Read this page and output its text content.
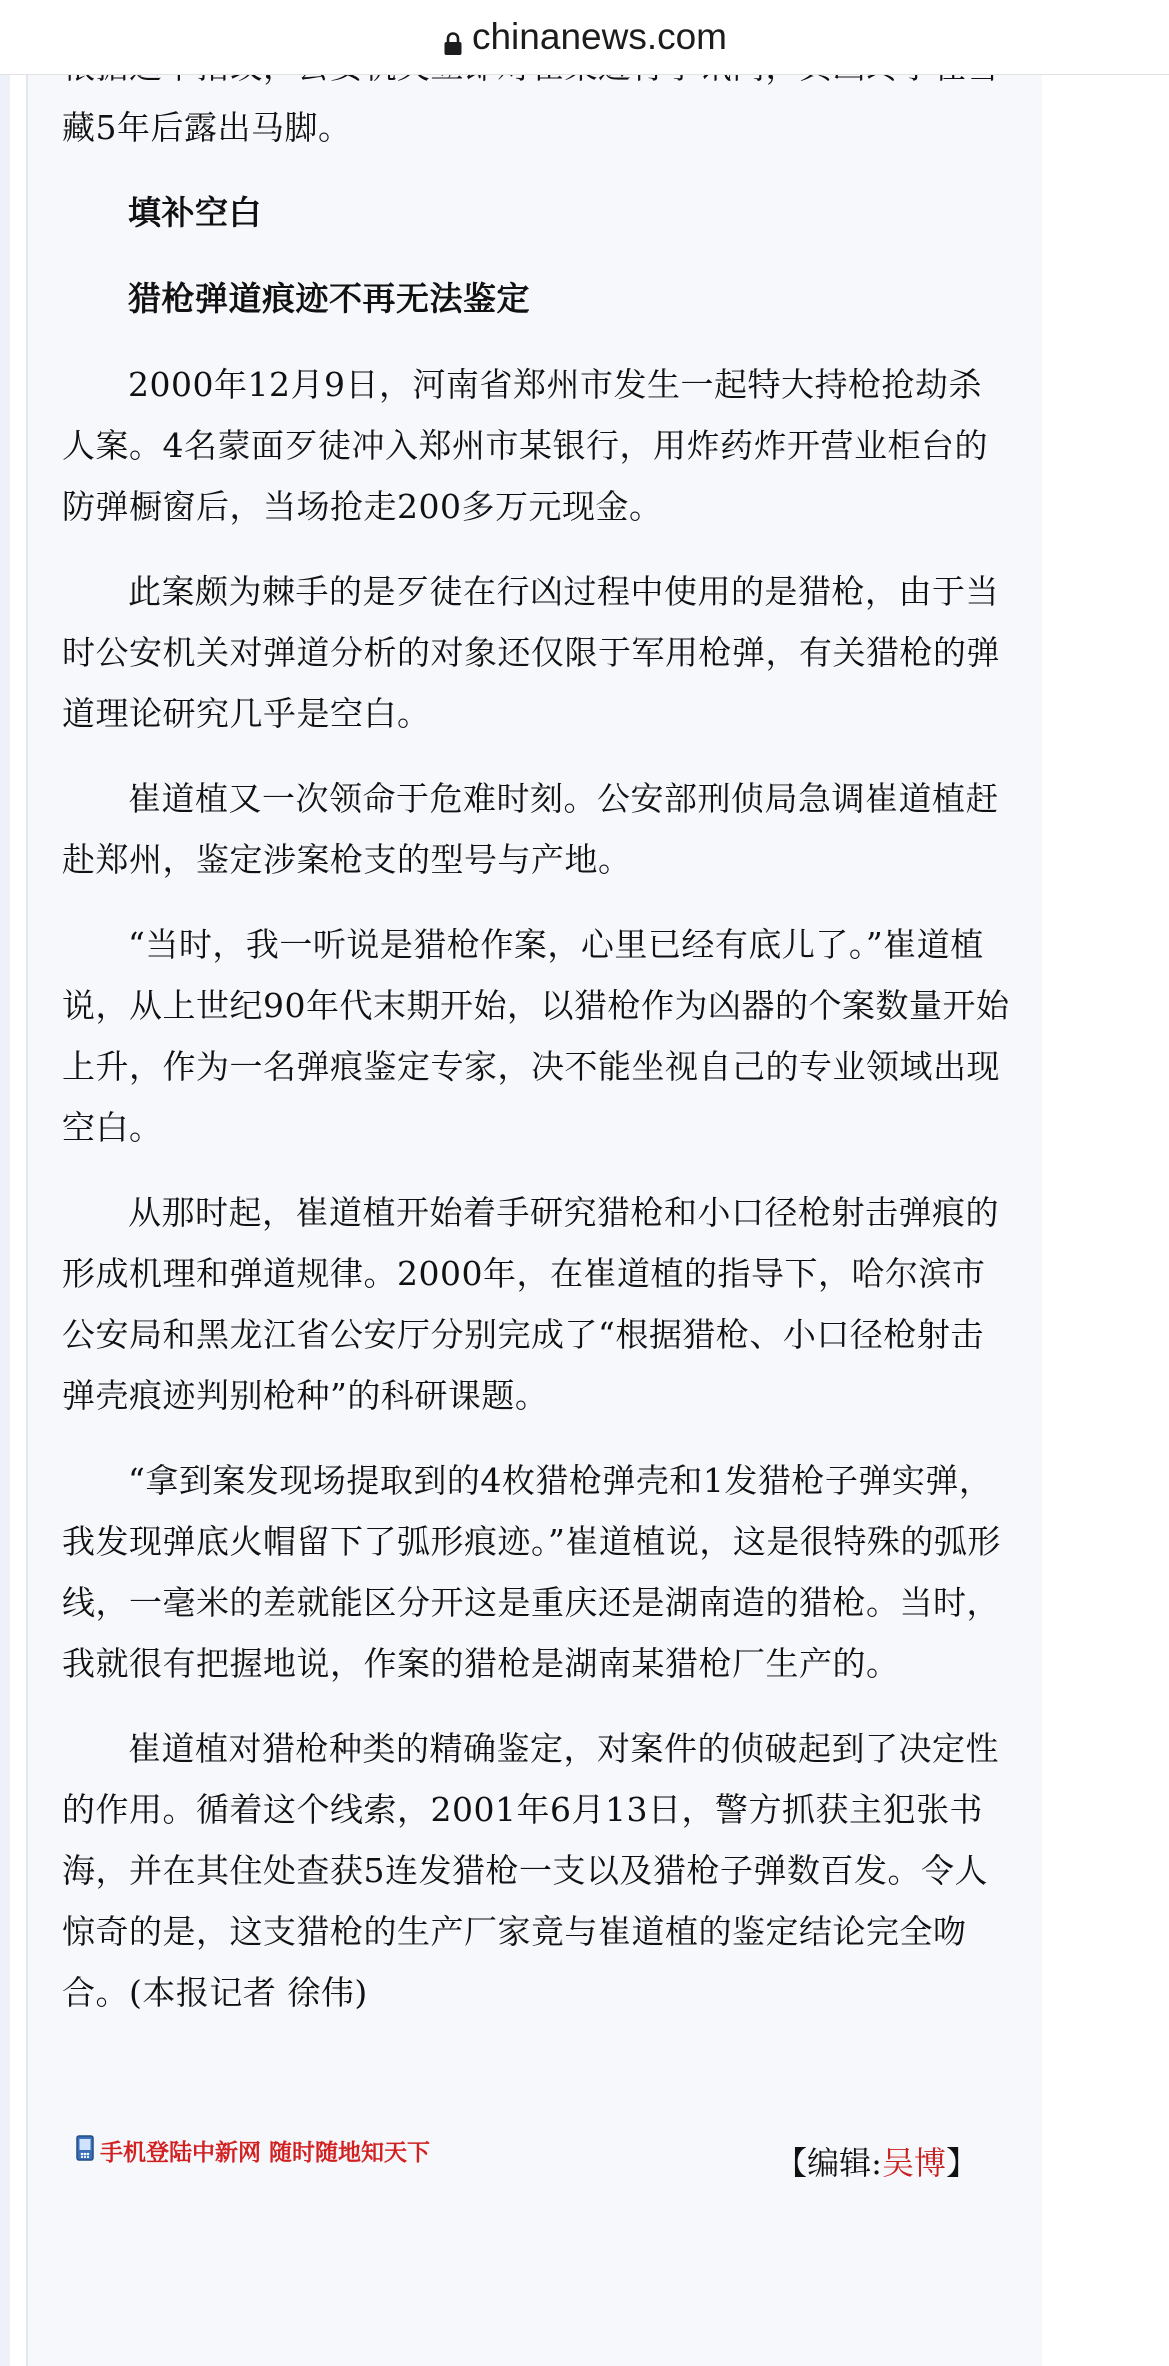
藏5年后露出马脚。

填补空白

猎枪弹道痕迹不再无法鉴定

2000年12月9日，河南省郑州市发生一起特大持枪抢劫杀人案。4名蒙面歹徒冲入郑州市某银行，用炸药炸开营业柜台的防弹橱窗后，当场抢走200多万元现金。

此案颇为棘手的是歹徒在行凶过程中使用的是猎枪，由于当时公安机关对弹道分析的对象还仅限于军用枪弹，有关猎枪的弹道理论研究几乎是空白。

崔道植又一次领命于危难时刻。公安部刑侦局急调崔道植赶赴郑州，鉴定涉案枪支的型号与产地。

“当时，我一听说是猎枪作案，心里已经有底儿了。”崔道植说，从上世纪90年代末期开始，以猎枪作为凶器的个案数量开始上升，作为一名弹痕鉴定专家，决不能坐视自己的专业领域出现空白。

从那时起，崔道植开始着手研究猎枪和小口径枪射击弹痕的形成机理和弹道规律。2000年，在崔道植的指导下，哈尔滨市公安局和黑龙江省公安厅分别完成了“根据猎枪、小口径枪射击弹壳痕迹判别枪种”的科研课题。

“拿到案发现场提取到的4枚猎枪弹壳和1发猎枪子弹实弹，我发现弹底火帽留下了弧形痕迹。”崔道植说，这是很特殊的弧形线，一毫米的差就能区分开这是重庆还是湖南造的猎枪。当时，我就很有把握地说，作案的猎枪是湖南某猎枪厂生产的。

崔道植对猎枪种类的精确鉴定，对案件的侦破起到了决定性的作用。循着这个线索，2001年6月13日，警方抓获主犯张书海，并在其住处查获5连发猎枪一支以及猎枪子弹数百发。令人惊奇的是，这支猎枪的生产厂家竟与崔道植的鉴定结论完全吻合。(本报记者 徐伟)

手机登陆中新网 随时随地知天下	【编辑:吴博】
chinanews.com
